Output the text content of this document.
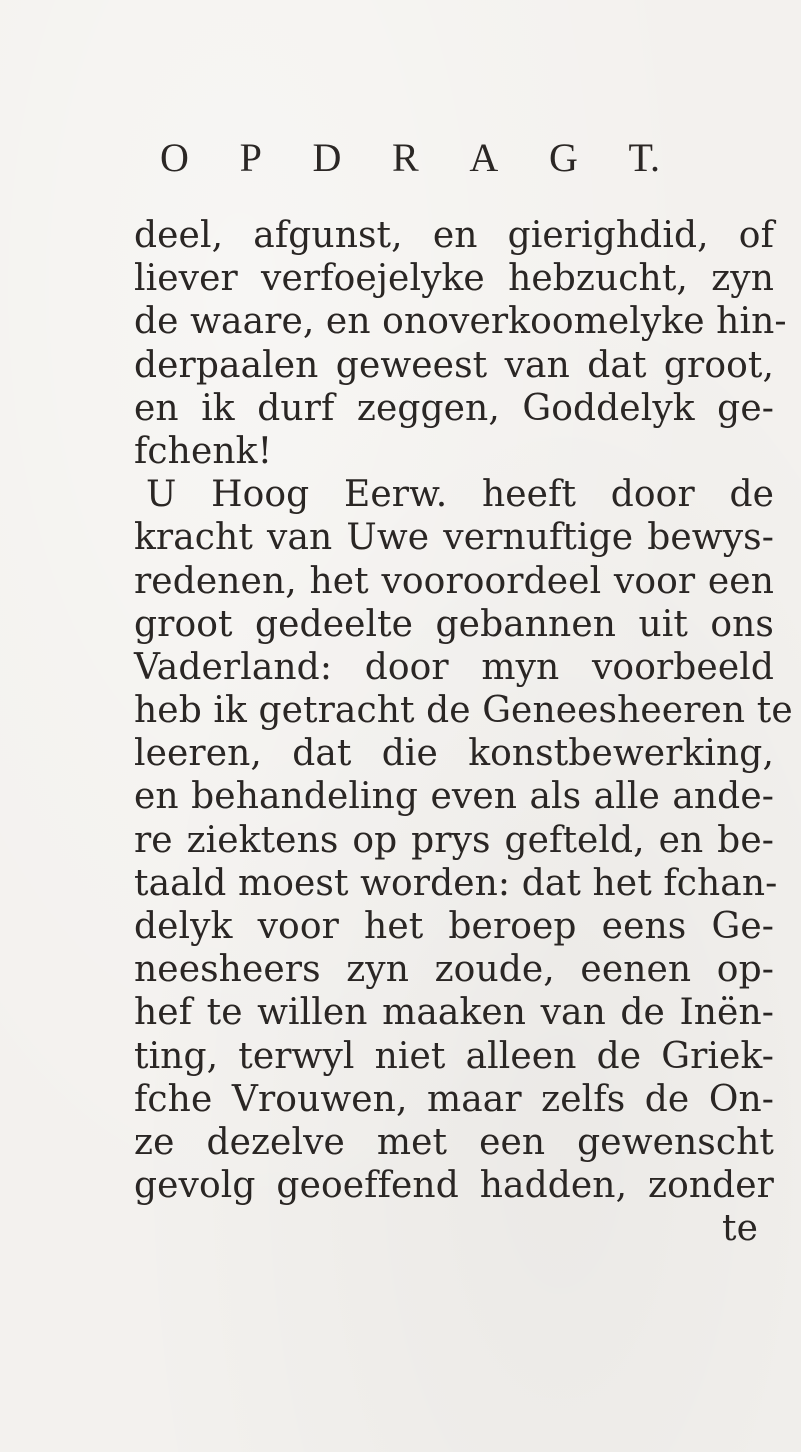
O P D R A G T.
deel, afgunst, en gierighdid, of
liever verfoejelyke hebzucht, zyn
de waare, en onoverkoomelyke hin-
derpaalen geweest van dat groot,
en ik durf zeggen, Goddelyk ge-
fchenk!
U Hoog Eerw. heeft door de
kracht van Uwe vernuftige bewys-
redenen, het vooroordeel voor een
groot gedeelte gebannen uit ons
Vaderland: door myn voorbeeld
heb ik getracht de Geneesheeren te
leeren, dat die konstbewerking,
en behandeling even als alle ande-
re ziektens op prys gefteld, en be-
taald moest worden: dat het fchan-
delyk voor het beroep eens Ge-
neesheers zyn zoude, eenen op-
hef te willen maaken van de Inën-
ting, terwyl niet alleen de Griek-
fche Vrouwen, maar zelfs de On-
ze dezelve met een gewenscht
gevolg geoeffend hadden, zonder
te
